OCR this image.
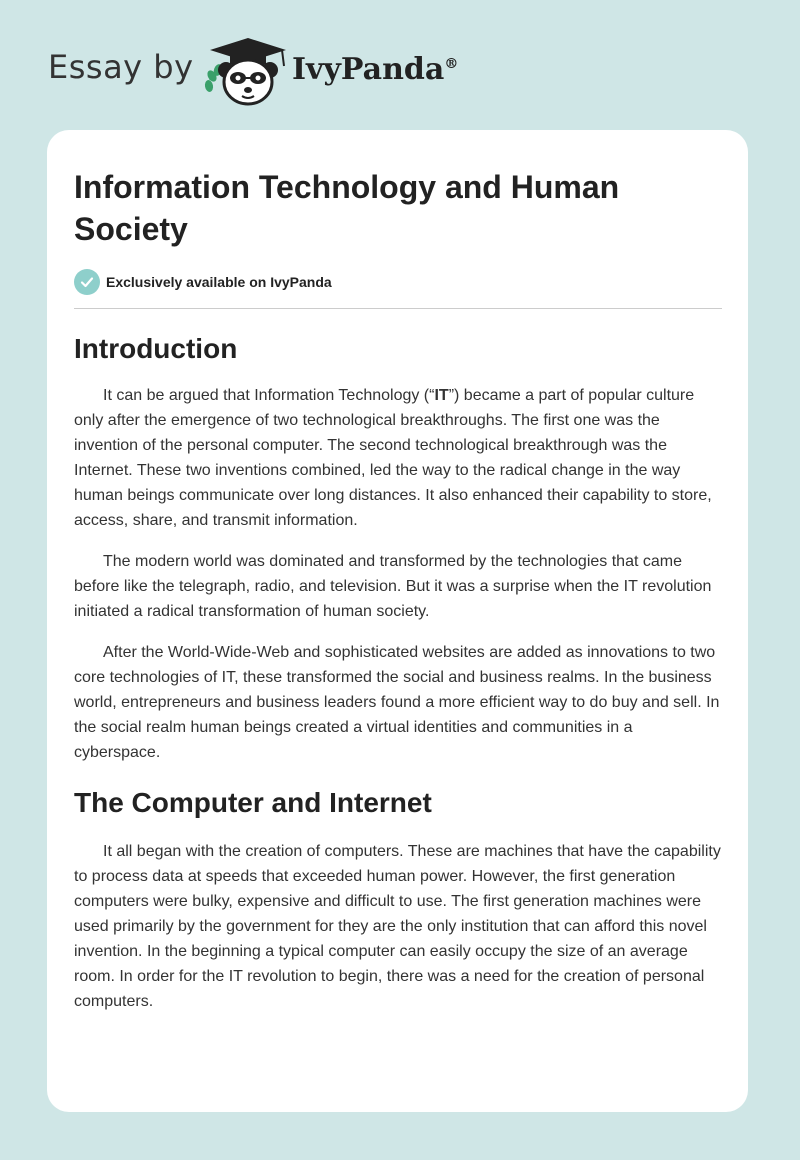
Essay by	IvyPanda®
Information Technology and Human Society
Exclusively available on IvyPanda
Introduction

It can be argued that Information Technology (“IT”) became a part of popular culture only after the emergence of two technological breakthroughs. The first one was the invention of the personal computer. The second technological breakthrough was the Internet. These two inventions combined, led the way to the radical change in the way human beings communicate over long distances. It also enhanced their capability to store, access, share, and transmit information.

The modern world was dominated and transformed by the technologies that came before like the telegraph, radio, and television. But it was a surprise when the IT revolution initiated a radical transformation of human society.

After the World-Wide-Web and sophisticated websites are added as innovations to two core technologies of IT, these transformed the social and business realms. In the business world, entrepreneurs and business leaders found a more efficient way to do buy and sell. In the social realm human beings created a virtual identities and communities in a cyberspace.

The Computer and Internet

It all began with the creation of computers. These are machines that have the capability to process data at speeds that exceeded human power. However, the first generation computers were bulky, expensive and difficult to use. The first generation machines were used primarily by the government for they are the only institution that can afford this novel invention. In the beginning a typical computer can easily occupy the size of an average room. In order for the IT revolution to begin, there was a need for the creation of personal computers.
